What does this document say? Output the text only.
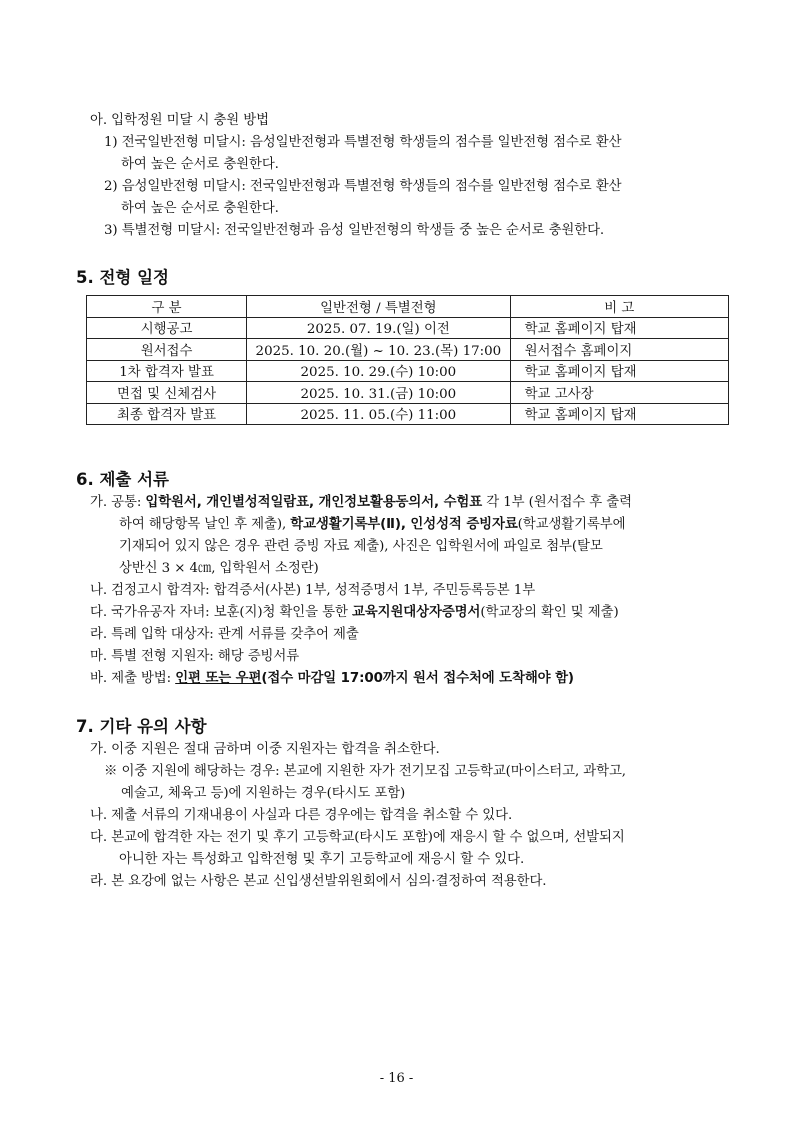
아. 입학정원 미달 시 충원 방법
1) 전국일반전형 미달시: 음성일반전형과 특별전형 학생들의 점수를 일반전형 점수로 환산
하여 높은 순서로 충원한다.
2) 음성일반전형 미달시: 전국일반전형과 특별전형 학생들의 점수를 일반전형 점수로 환산
하여 높은 순서로 충원한다.
3) 특별전형 미달시: 전국일반전형과 음성 일반전형의 학생들 중 높은 순서로 충원한다.
5. 전형 일정
구 분	일반전형 / 특별전형	비 고
시행공고	2025. 07. 19.(일) 이전	학교 홈페이지 탑재
원서접수	2025. 10. 20.(월) ~ 10. 23.(목) 17:00	원서접수 홈페이지
1차 합격자 발표	2025. 10. 29.(수) 10:00	학교 홈페이지 탑재
면접 및 신체검사	2025. 10. 31.(금) 10:00	학교 고사장
최종 합격자 발표	2025. 11. 05.(수) 11:00	학교 홈페이지 탑재
6. 제출 서류
가. 공통: 입학원서, 개인별성적일람표, 개인정보활용동의서, 수험표 각 1부 (원서접수 후 출력
하여 해당항목 날인 후 제출), 학교생활기록부(Ⅱ), 인성성적 증빙자료(학교생활기록부에
기재되어 있지 않은 경우 관련 증빙 자료 제출), 사진은 입학원서에 파일로 첨부(탈모
상반신 3 × 4㎝, 입학원서 소정란)
나. 검정고시 합격자: 합격증서(사본) 1부, 성적증명서 1부, 주민등록등본 1부
다. 국가유공자 자녀: 보훈(지)청 확인을 통한 교육지원대상자증명서(학교장의 확인 및 제출)
라. 특례 입학 대상자: 관계 서류를 갖추어 제출
마. 특별 전형 지원자: 해당 증빙서류
바. 제출 방법: 인편 또는 우편(접수 마감일 17:00까지 원서 접수처에 도착해야 함)
7. 기타 유의 사항
가. 이중 지원은 절대 금하며 이중 지원자는 합격을 취소한다.
※ 이중 지원에 해당하는 경우: 본교에 지원한 자가 전기모집 고등학교(마이스터고, 과학고,
예술고, 체육고 등)에 지원하는 경우(타시도 포함)
나. 제출 서류의 기재내용이 사실과 다른 경우에는 합격을 취소할 수 있다.
다. 본교에 합격한 자는 전기 및 후기 고등학교(타시도 포함)에 재응시 할 수 없으며, 선발되지
아니한 자는 특성화고 입학전형 및 후기 고등학교에 재응시 할 수 있다.
라. 본 요강에 없는 사항은 본교 신입생선발위원회에서 심의·결정하여 적용한다.
- 16 -
